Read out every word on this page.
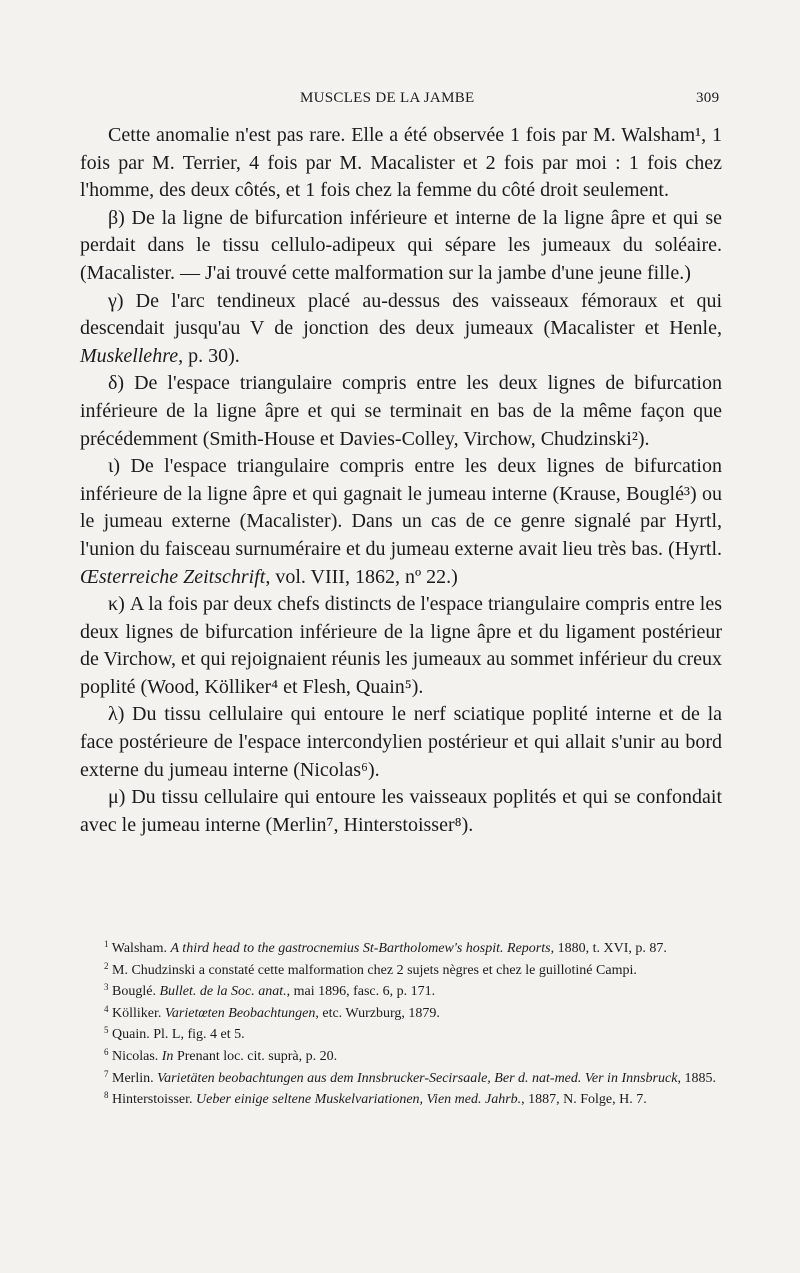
MUSCLES DE LA JAMBE	309

Cette anomalie n'est pas rare. Elle a été observée 1 fois par M. Walsham¹, 1 fois par M. Terrier, 4 fois par M. Macalister et 2 fois par moi : 1 fois chez l'homme, des deux côtés, et 1 fois chez la femme du côté droit seulement.

β) De la ligne de bifurcation inférieure et interne de la ligne âpre et qui se perdait dans le tissu cellulo-adipeux qui sépare les jumeaux du soléaire. (Macalister. — J'ai trouvé cette malformation sur la jambe d'une jeune fille.)

γ) De l'arc tendineux placé au-dessus des vaisseaux fémoraux et qui descendait jusqu'au V de jonction des deux jumeaux (Macalister et Henle, Muskellehre, p. 30).

δ) De l'espace triangulaire compris entre les deux lignes de bifurcation inférieure de la ligne âpre et qui se terminait en bas de la même façon que précédemment (Smith-House et Davies-Colley, Virchow, Chudzinski²).

ι) De l'espace triangulaire compris entre les deux lignes de bifurcation inférieure de la ligne âpre et qui gagnait le jumeau interne (Krause, Bouglé³) ou le jumeau externe (Macalister). Dans un cas de ce genre signalé par Hyrtl, l'union du faisceau surnuméraire et du jumeau externe avait lieu très bas. (Hyrtl. Œsterreiche Zeitschrift, vol. VIII, 1862, nº 22.)

κ) A la fois par deux chefs distincts de l'espace triangulaire compris entre les deux lignes de bifurcation inférieure de la ligne âpre et du ligament postérieur de Virchow, et qui rejoignaient réunis les jumeaux au sommet inférieur du creux poplité (Wood, Kölliker⁴ et Flesh, Quain⁵).

λ) Du tissu cellulaire qui entoure le nerf sciatique poplité interne et de la face postérieure de l'espace intercondylien postérieur et qui allait s'unir au bord externe du jumeau interne (Nicolas⁶).

μ) Du tissu cellulaire qui entoure les vaisseaux poplités et qui se confondait avec le jumeau interne (Merlin⁷, Hinterstoisser⁸).

$^1$ Walsham. A third head to the gastrocnemius St-Bartholomew's hospit. Reports, 1880, t. XVI, p. 87.

$^2$ M. Chudzinski a constaté cette malformation chez 2 sujets nègres et chez le guillotiné Campi.

$^3$ Bouglé. Bullet. de la Soc. anat., mai 1896, fasc. 6, p. 171.

$^4$ Kölliker. Varietœten Beobachtungen, etc. Wurzburg, 1879.

$^5$ Quain. Pl. L, fig. 4 et 5.

$^6$ Nicolas. In Prenant loc. cit. suprà, p. 20.

$^7$ Merlin. Varietäten beobachtungen aus dem Innsbrucker-Secirsaale, Ber d. nat-med. Ver in Innsbruck, 1885.

$^8$ Hinterstoisser. Ueber einige seltene Muskelvariationen, Vien med. Jahrb., 1887, N. Folge, H. 7.
